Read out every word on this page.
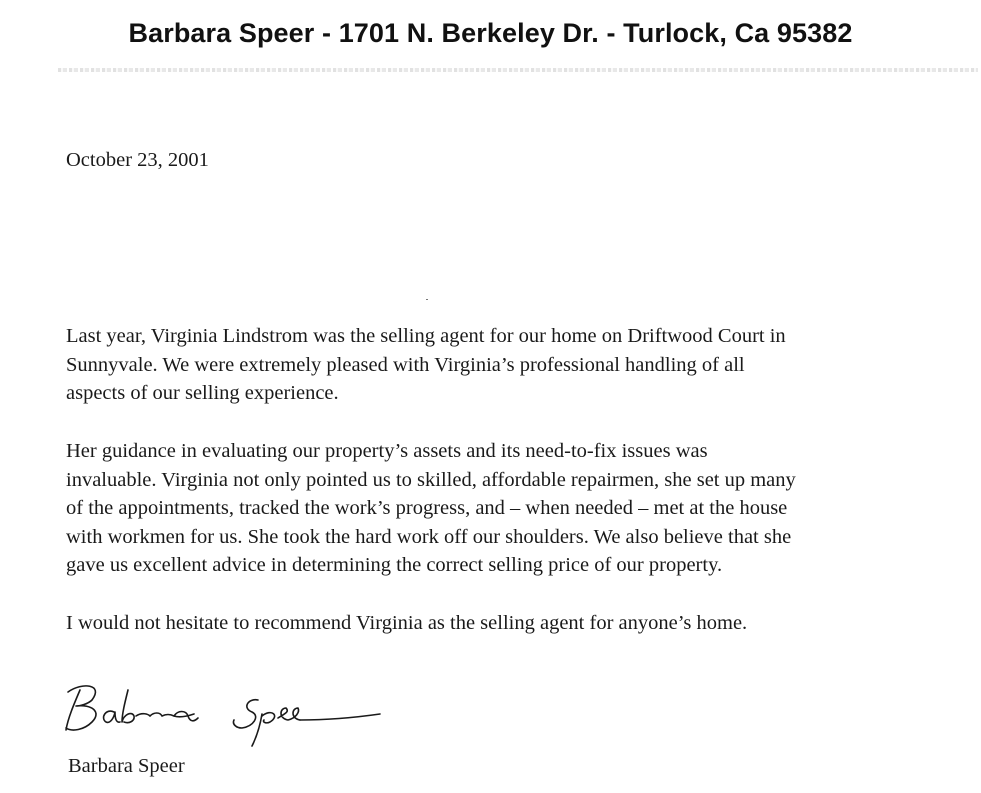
Barbara Speer - 1701 N. Berkeley Dr. - Turlock, Ca 95382
October 23, 2001

Last year, Virginia Lindstrom was the selling agent for our home on Driftwood Court in
Sunnyvale. We were extremely pleased with Virginia’s professional handling of all
aspects of our selling experience.

Her guidance in evaluating our property’s assets and its need-to-fix issues was
invaluable. Virginia not only pointed us to skilled, affordable repairmen, she set up many
of the appointments, tracked the work’s progress, and – when needed – met at the house
with workmen for us. She took the hard work off our shoulders. We also believe that she
gave us excellent advice in determining the correct selling price of our property.

I would not hesitate to recommend Virginia as the selling agent for anyone’s home.

Barbara Speer
